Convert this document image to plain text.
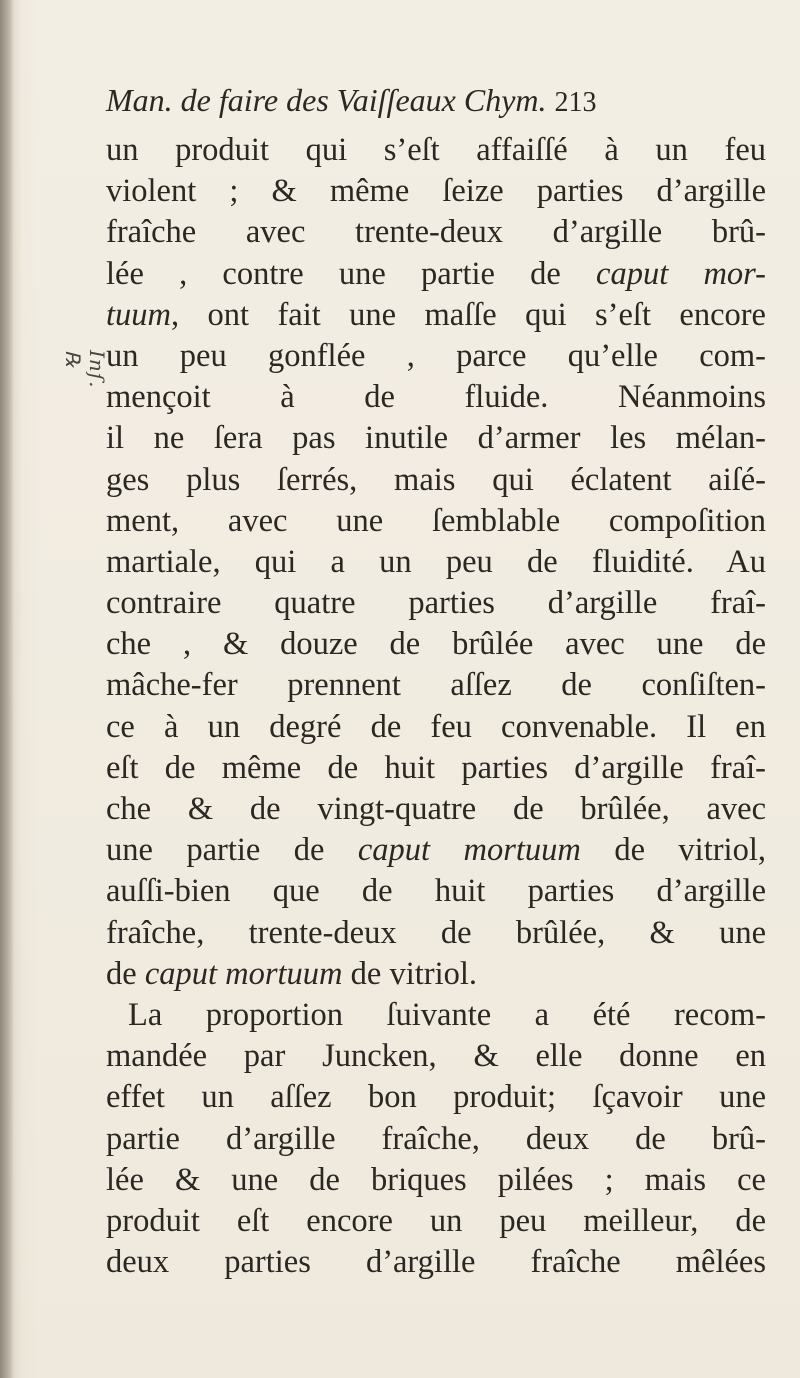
Inſ. ℞
Man. de faire des Vaiſſeaux Chym. 213
un produit qui s’eſt affaiſſé à un feu
violent ; & même ſeize parties d’argille
fraîche avec trente-deux d’argille brû-
lée , contre une partie de caput mor-
tuum, ont fait une maſſe qui s’eſt encore
un peu gonflée , parce qu’elle com-
mençoit à de fluide. Néanmoins
il ne ſera pas inutile d’armer les mélan-
ges plus ſerrés, mais qui éclatent aiſé-
ment, avec une ſemblable compoſition
martiale, qui a un peu de fluidité. Au
contraire quatre parties d’argille fraî-
che , & douze de brûlée avec une de
mâche-fer prennent aſſez de conſiſten-
ce à un degré de feu convenable. Il en
eſt de même de huit parties d’argille fraî-
che & de vingt-quatre de brûlée, avec
une partie de caput mortuum de vitriol,
auſſi-bien que de huit parties d’argille
fraîche, trente-deux de brûlée, & une
de caput mortuum de vitriol.
La proportion ſuivante a été recom-
mandée par Juncken, & elle donne en
effet un aſſez bon produit; ſçavoir une
partie d’argille fraîche, deux de brû-
lée & une de briques pilées ; mais ce
produit eſt encore un peu meilleur, de
deux parties d’argille fraîche mêlées
